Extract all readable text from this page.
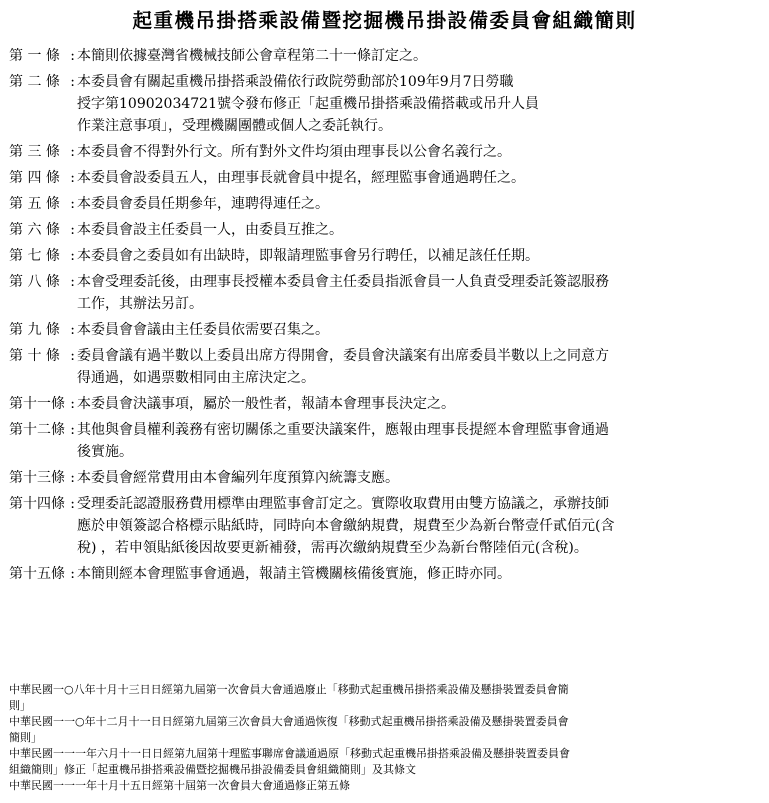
起重機吊掛搭乘設備暨挖掘機吊掛設備委員會組織簡則
第 一 條 : 本簡則依據臺灣省機械技師公會章程第二十一條訂定之。
第 二 條 : 本委員會有關起重機吊掛搭乘設備依行政院勞動部於109年9月7日勞職
授字第10902034721號令發布修正「起重機吊掛搭乘設備搭載或吊升人員
作業注意事項」，受理機關團體或個人之委託執行。
第 三 條 : 本委員會不得對外行文。所有對外文件均須由理事長以公會名義行之。
第 四 條 : 本委員會設委員五人，由理事長就會員中提名，經理監事會通過聘任之。
第 五 條 : 本委員會委員任期參年，連聘得連任之。
第 六 條 : 本委員會設主任委員一人，由委員互推之。
第 七 條 : 本委員會之委員如有出缺時，即報請理監事會另行聘任，以補足該任任期。
第 八 條 : 本會受理委託後，由理事長授權本委員會主任委員指派會員一人負責受理委託簽認服務
工作，其辦法另訂。
第 九 條 : 本委員會會議由主任委員依需要召集之。
第 十 條 : 委員會議有過半數以上委員出席方得開會，委員會決議案有出席委員半數以上之同意方
得通過，如遇票數相同由主席決定之。
第十一條 : 本委員會決議事項，屬於一般性者，報請本會理事長決定之。
第十二條 : 其他與會員權利義務有密切關係之重要決議案件，應報由理事長提經本會理監事會通過
後實施。
第十三條 : 本委員會經常費用由本會編列年度預算內統籌支應。
第十四條 : 受理委託認證服務費用標準由理監事會訂定之。實際收取費用由雙方協議之，承辦技師
應於申領簽認合格標示貼紙時，同時向本會繳納規費，規費至少為新台幣壹仟貳佰元(含
稅) ，若申領貼紙後因故要更新補發，需再次繳納規費至少為新台幣陸佰元(含稅)。
第十五條 : 本簡則經本會理監事會通過，報請主管機關核備後實施，修正時亦同。
中華民國一○八年十月十三日日經第九屆第一次會員大會通過廢止「移動式起重機吊掛搭乘設備及懸掛裝置委員會簡
則」
中華民國一一○年十二月十一日日經第九屆第三次會員大會通過恢復「移動式起重機吊掛搭乘設備及懸掛裝置委員會
簡則」
中華民國一一一年六月十一日日經第九屆第十理監事聯席會議通過原「移動式起重機吊掛搭乘設備及懸掛裝置委員會
組織簡則」修正「起重機吊掛搭乘設備暨挖掘機吊掛設備委員會組織簡則」及其條文
中華民國一一一年十月十五日經第十屆第一次會員大會通過修正第五條
